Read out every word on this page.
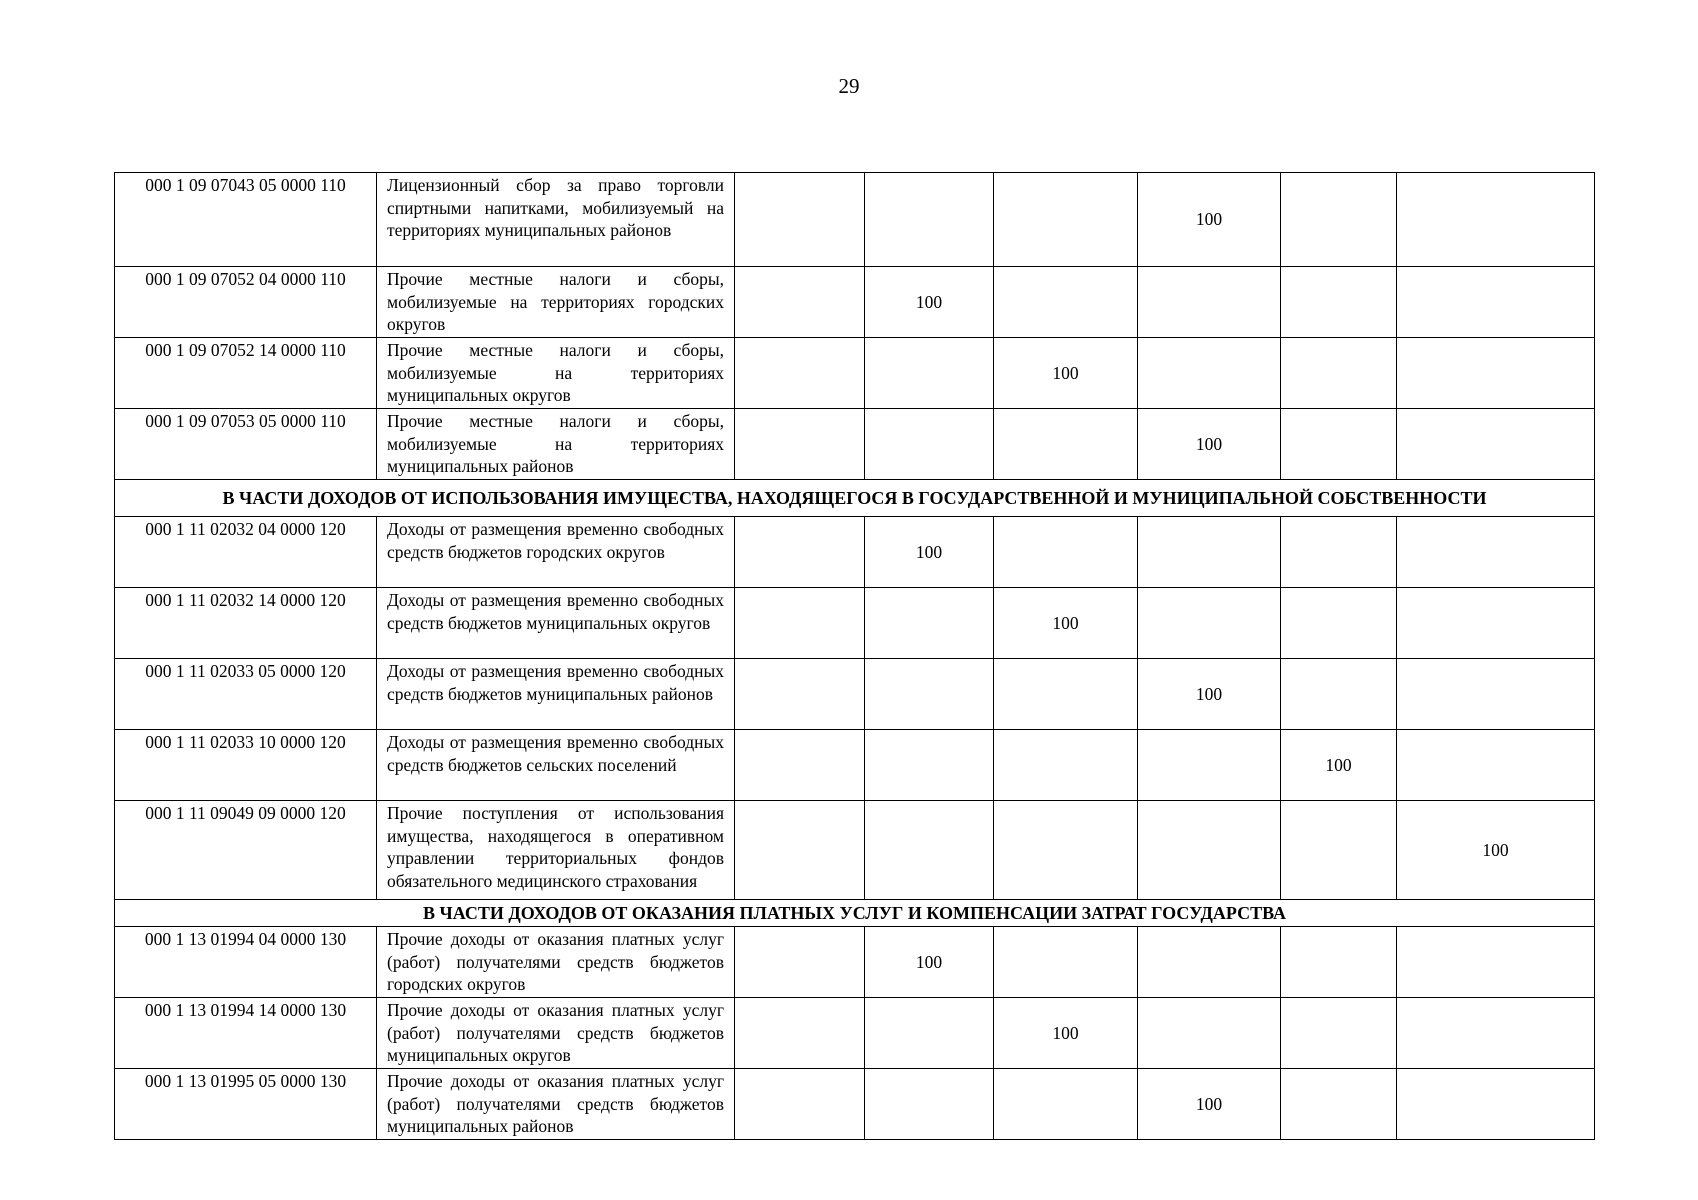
29
000 1 09 07043 05 0000 110	Лицензионный сбор за право торговли спиртными напитками, мобилизуемый на территориях муниципальных районов				100		
000 1 09 07052 04 0000 110	Прочие местные налоги и сборы, мобилизуемые на территориях городских округов		100				
000 1 09 07052 14 0000 110	Прочие местные налоги и сборы, мобилизуемые на территориях муниципальных округов			100			
000 1 09 07053 05 0000 110	Прочие местные налоги и сборы, мобилизуемые на территориях муниципальных районов				100		
В ЧАСТИ ДОХОДОВ ОТ ИСПОЛЬЗОВАНИЯ ИМУЩЕСТВА, НАХОДЯЩЕГОСЯ В ГОСУДАРСТВЕННОЙ И МУНИЦИПАЛЬНОЙ СОБСТВЕННОСТИ							
000 1 11 02032 04 0000 120	Доходы от размещения временно свободных средств бюджетов городских округов		100				
000 1 11 02032 14 0000 120	Доходы от размещения временно свободных средств бюджетов муниципальных округов			100			
000 1 11 02033 05 0000 120	Доходы от размещения временно свободных средств бюджетов муниципальных районов				100		
000 1 11 02033 10 0000 120	Доходы от размещения временно свободных средств бюджетов сельских поселений					100	
000 1 11 09049 09 0000 120	Прочие поступления от использования имущества, находящегося в оперативном управлении территориальных фондов обязательного медицинского страхования						100
В ЧАСТИ ДОХОДОВ ОТ ОКАЗАНИЯ ПЛАТНЫХ УСЛУГ И КОМПЕНСАЦИИ ЗАТРАТ ГОСУДАРСТВА							
000 1 13 01994 04 0000 130	Прочие доходы от оказания платных услуг (работ) получателями средств бюджетов городских округов		100				
000 1 13 01994 14 0000 130	Прочие доходы от оказания платных услуг (работ) получателями средств бюджетов муниципальных округов			100			
000 1 13 01995 05 0000 130	Прочие доходы от оказания платных услуг (работ) получателями средств бюджетов муниципальных районов				100		
